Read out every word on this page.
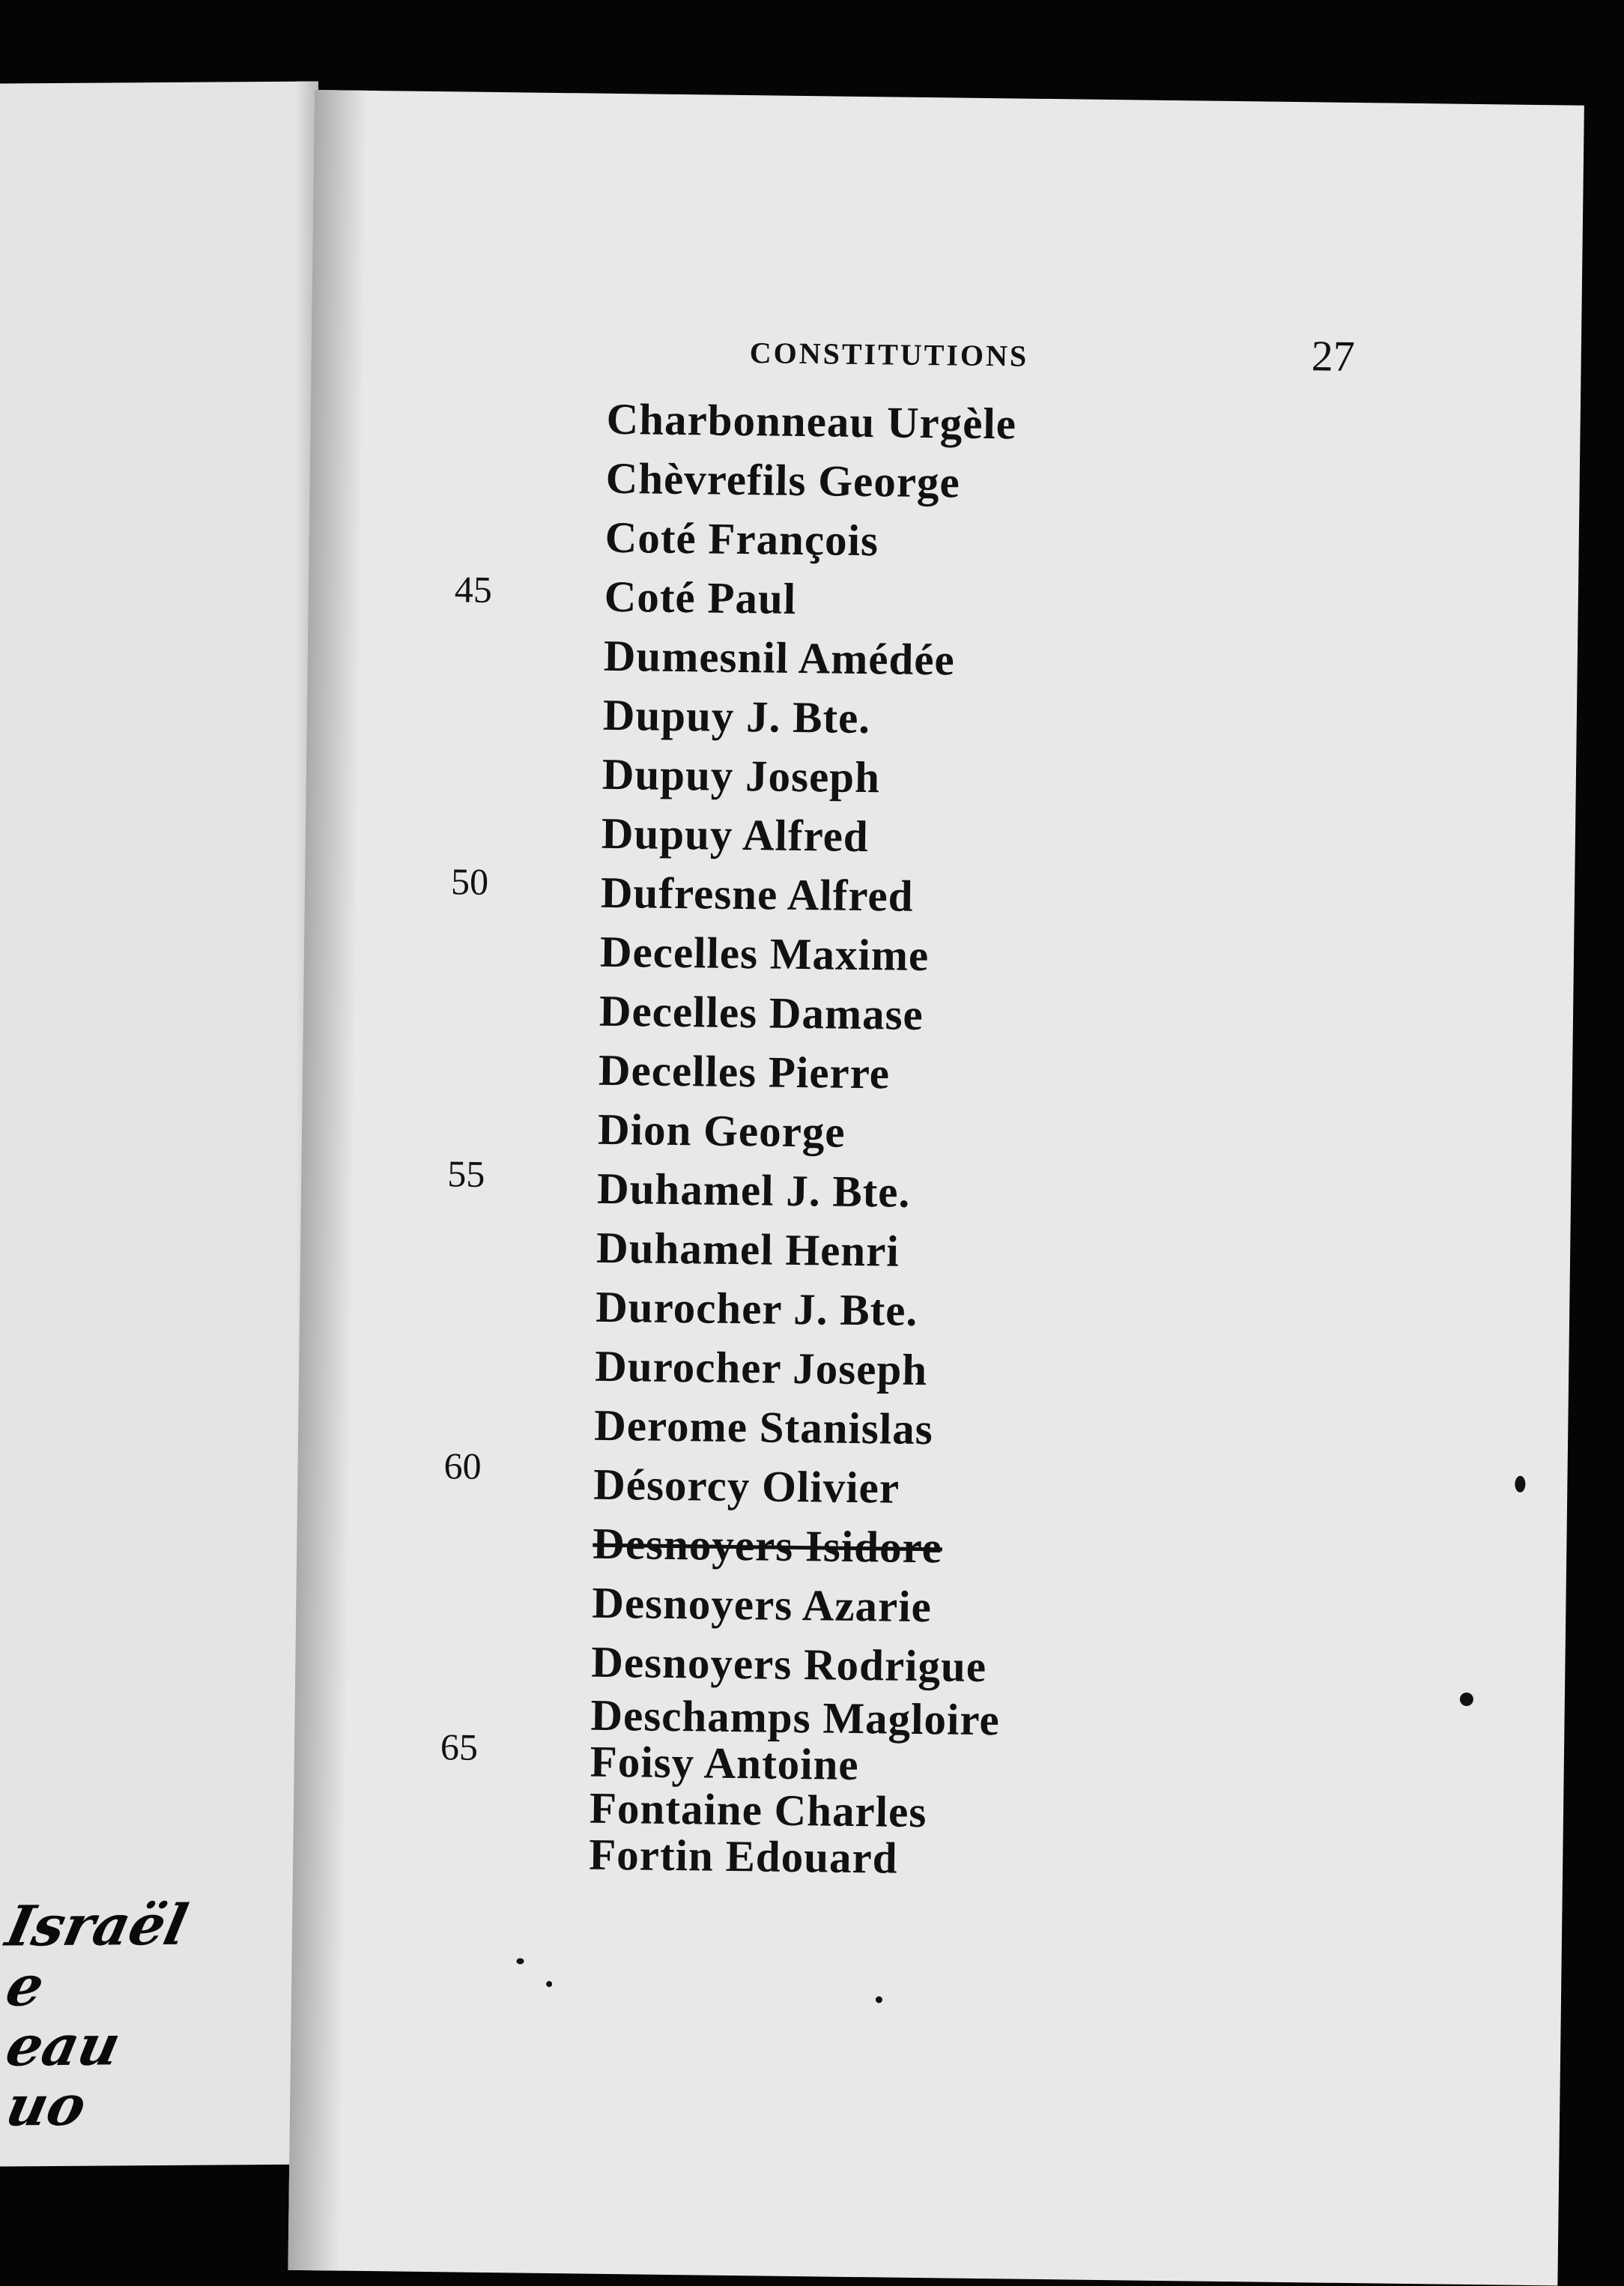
Israël
e
eau
uo
CONSTITUTIONS	27
45
50
55
60
65
Charbonneau Urgèle
Chèvrefils George
Coté François
Coté Paul
Dumesnil Amédée
Dupuy J. Bte.
Dupuy Joseph
Dupuy Alfred
Dufresne Alfred
Decelles Maxime
Decelles Damase
Decelles Pierre
Dion George
Duhamel J. Bte.
Duhamel Henri
Durocher J. Bte.
Durocher Joseph
Derome Stanislas
Désorcy Olivier
Desnoyers Isidore
Desnoyers Azarie
Desnoyers Rodrigue
Deschamps Magloire
Foisy Antoine
Fontaine Charles
Fortin Edouard
